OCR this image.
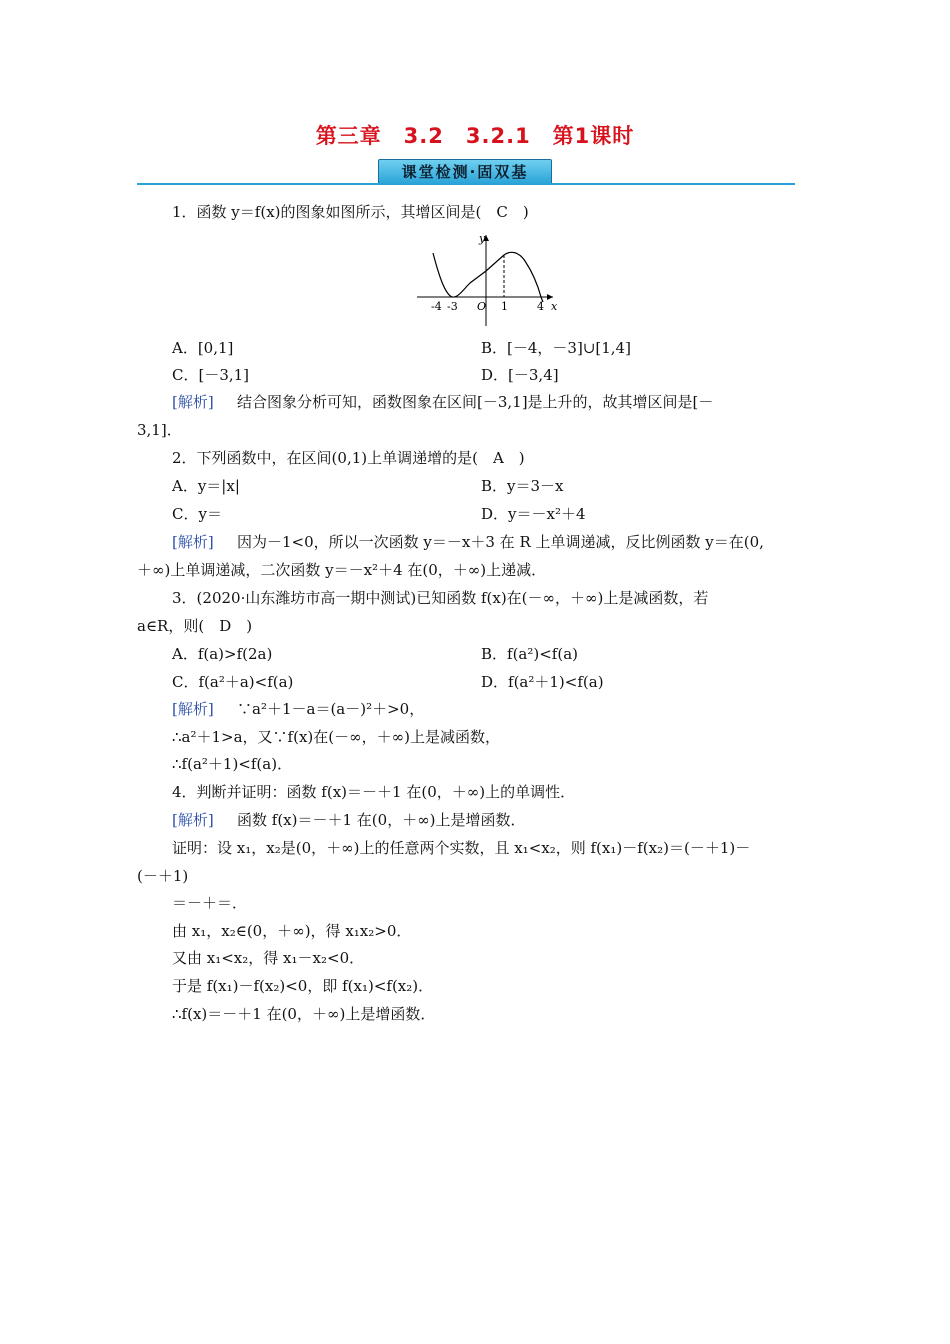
第三章　3.2　3.2.1　第1课时
课堂检测·固双基
1．函数 y＝f(x)的图象如图所示，其增区间是(　C　)
y
x
O
-4 -3	1	4
A．[0,1]	B．[－4，－3]∪[1,4]
C．[－3,1]	D．[－3,4]
[解析] 　结合图象分析可知，函数图象在区间[－3,1]是上升的，故其增区间是[－
3,1]．
2．下列函数中，在区间(0,1)上单调递增的是(　A　)
A．y＝|x|	B．y＝3－x
C．y＝	D．y＝－x²＋4
[解析] 　因为－1<0，所以一次函数 y＝－x＋3 在 R 上单调递减，反比例函数 y＝在(0,
＋∞)上单调递减，二次函数 y＝－x²＋4 在(0，＋∞)上递减．
3．(2020·山东潍坊市高一期中测试)已知函数 f(x)在(－∞，＋∞)上是减函数，若
a∈R，则(　D　)
A．f(a)>f(2a)	B．f(a²)<f(a)
C．f(a²＋a)<f(a)	D．f(a²＋1)<f(a)
[解析] 　∵a²＋1－a＝(a－)²＋>0，
∴a²＋1>a，又∵f(x)在(－∞，＋∞)上是减函数，
∴f(a²＋1)<f(a)．
4．判断并证明：函数 f(x)＝－＋1 在(0，＋∞)上的单调性．
[解析] 　函数 f(x)＝－＋1 在(0，＋∞)上是增函数．
证明：设 x₁，x₂是(0，＋∞)上的任意两个实数，且 x₁<x₂，则 f(x₁)－f(x₂)＝(－＋1)－
(－＋1)
＝－＋＝．
由 x₁，x₂∈(0，＋∞)，得 x₁x₂>0．
又由 x₁<x₂，得 x₁－x₂<0．
于是 f(x₁)－f(x₂)<0，即 f(x₁)<f(x₂)．
∴f(x)＝－＋1 在(0，＋∞)上是增函数．
